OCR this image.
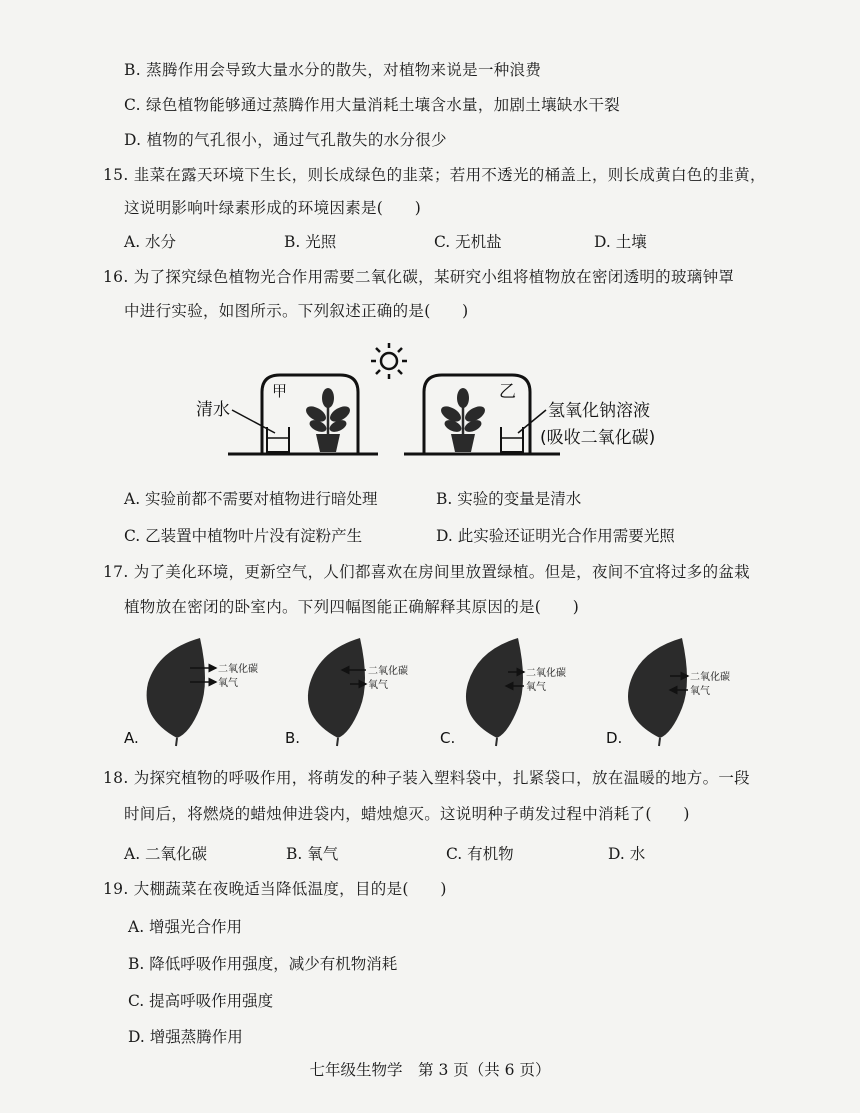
B. 蒸腾作用会导致大量水分的散失，对植物来说是一种浪费
C. 绿色植物能够通过蒸腾作用大量消耗土壤含水量，加剧土壤缺水干裂
D. 植物的气孔很小，通过气孔散失的水分很少
15. 韭菜在露天环境下生长，则长成绿色的韭菜；若用不透光的桶盖上，则长成黄白色的韭黄，
这说明影响叶绿素形成的环境因素是(　　)
A. 水分	B. 光照	C. 无机盐	D. 土壤
16. 为了探究绿色植物光合作用需要二氧化碳，某研究小组将植物放在密闭透明的玻璃钟罩
中进行实验，如图所示。下列叙述正确的是(　　)
甲
清水
乙
氢氧化钠溶液
(吸收二氧化碳)
A. 实验前都不需要对植物进行暗处理	B. 实验的变量是清水
C. 乙装置中植物叶片没有淀粉产生	D. 此实验还证明光合作用需要光照
17. 为了美化环境，更新空气，人们都喜欢在房间里放置绿植。但是，夜间不宜将过多的盆栽
植物放在密闭的卧室内。下列四幅图能正确解释其原因的是(　　)
二氧化碳
氧气
A.
二氧化碳
氧气
B.
二氧化碳
氧气
C.
二氧化碳
氧气
D.
18. 为探究植物的呼吸作用，将萌发的种子装入塑料袋中，扎紧袋口，放在温暖的地方。一段
时间后，将燃烧的蜡烛伸进袋内，蜡烛熄灭。这说明种子萌发过程中消耗了(　　)
A. 二氧化碳	B. 氧气	C. 有机物	D. 水
19. 大棚蔬菜在夜晚适当降低温度，目的是(　　)
A. 增强光合作用
B. 降低呼吸作用强度，减少有机物消耗
C. 提高呼吸作用强度
D. 增强蒸腾作用
七年级生物学　第 3 页（共 6 页）
